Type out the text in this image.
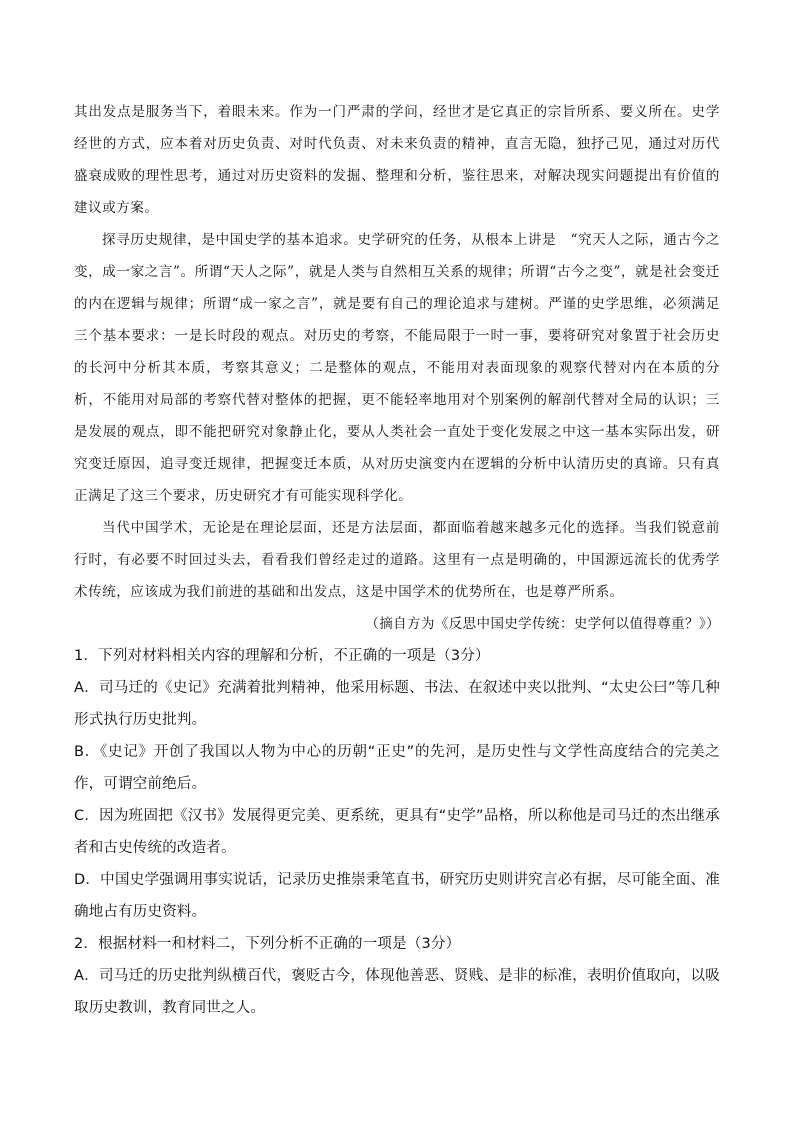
其出发点是服务当下，着眼未来。作为一门严肃的学问，经世才是它真正的宗旨所系、要义所在。史学经世的方式，应本着对历史负责、对时代负责、对未来负责的精神，直言无隐，独抒己见，通过对历代盛衰成败的理性思考，通过对历史资料的发掘、整理和分析，鉴往思来，对解决现实问题提出有价值的建议或方案。

探寻历史规律，是中国史学的基本追求。史学研究的任务，从根本上讲是　“究天人之际，通古今之变，成一家之言”。所谓“天人之际”，就是人类与自然相互关系的规律；所谓“古今之变”，就是社会变迁的内在逻辑与规律；所谓“成一家之言”，就是要有自己的理论追求与建树。严谨的史学思维，必须满足三个基本要求：一是长时段的观点。对历史的考察，不能局限于一时一事，要将研究对象置于社会历史的长河中分析其本质，考察其意义；二是整体的观点，不能用对表面现象的观察代替对内在本质的分析，不能用对局部的考察代替对整体的把握，更不能轻率地用对个别案例的解剖代替对全局的认识；三是发展的观点，即不能把研究对象静止化，要从人类社会一直处于变化发展之中这一基本实际出发，研究变迁原因，追寻变迁规律，把握变迁本质，从对历史演变内在逻辑的分析中认清历史的真谛。只有真正满足了这三个要求，历史研究才有可能实现科学化。

当代中国学术，无论是在理论层面，还是方法层面，都面临着越来越多元化的选择。当我们锐意前行时，有必要不时回过头去，看看我们曾经走过的道路。这里有一点是明确的，中国源远流长的优秀学术传统，应该成为我们前进的基础和出发点，这是中国学术的优势所在，也是尊严所系。

（摘自方为《反思中国史学传统：史学何以值得尊重？》）

1．下列对材料相关内容的理解和分析，不正确的一项是（3分）

A．司马迁的《史记》充满着批判精神，他采用标题、书法、在叙述中夹以批判、“太史公曰”等几种形式执行历史批判。

B．《史记》开创了我国以人物为中心的历朝“正史”的先河，是历史性与文学性高度结合的完美之作，可谓空前绝后。

C．因为班固把《汉书》发展得更完美、更系统，更具有“史学”品格，所以称他是司马迁的杰出继承者和古史传统的改造者。

D．中国史学强调用事实说话，记录历史推崇秉笔直书，研究历史则讲究言必有据，尽可能全面、准确地占有历史资料。

2．根据材料一和材料二，下列分析不正确的一项是（3分）

A．司马迁的历史批判纵横百代，褒贬古今，体现他善恶、贤贱、是非的标准，表明价值取向，以吸取历史教训，教育同世之人。
